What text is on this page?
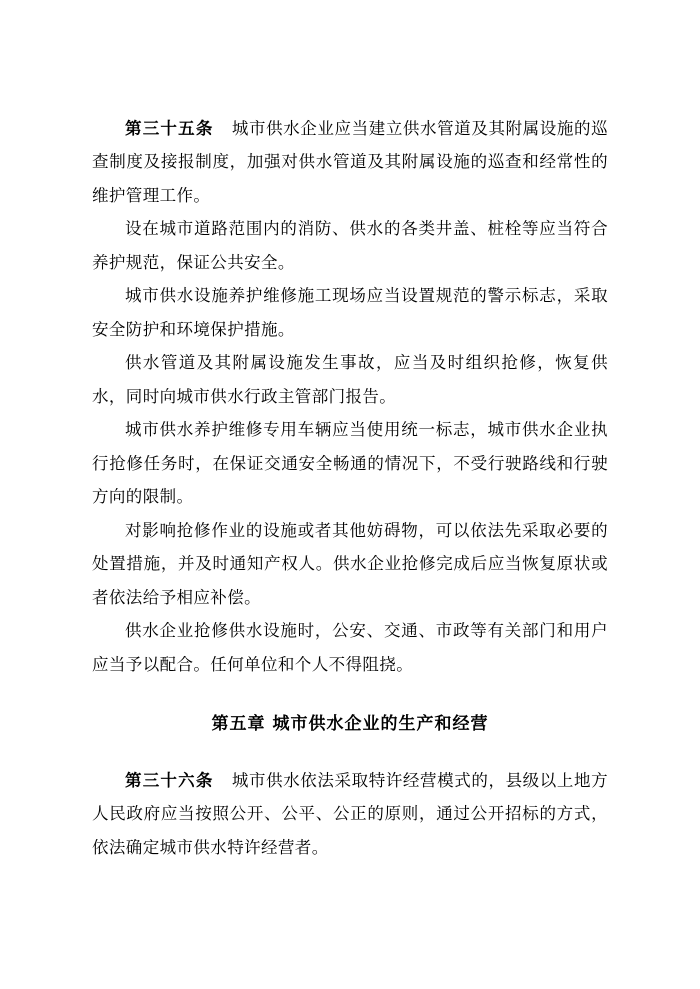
第三十五条 城市供水企业应当建立供水管道及其附属设施的巡查制度及接报制度，加强对供水管道及其附属设施的巡查和经常性的维护管理工作。

设在城市道路范围内的消防、供水的各类井盖、桩栓等应当符合养护规范，保证公共安全。

城市供水设施养护维修施工现场应当设置规范的警示标志，采取安全防护和环境保护措施。

供水管道及其附属设施发生事故，应当及时组织抢修，恢复供水，同时向城市供水行政主管部门报告。

城市供水养护维修专用车辆应当使用统一标志，城市供水企业执行抢修任务时，在保证交通安全畅通的情况下，不受行驶路线和行驶方向的限制。

对影响抢修作业的设施或者其他妨碍物，可以依法先采取必要的处置措施，并及时通知产权人。供水企业抢修完成后应当恢复原状或者依法给予相应补偿。

供水企业抢修供水设施时，公安、交通、市政等有关部门和用户应当予以配合。任何单位和个人不得阻挠。

第五章 城市供水企业的生产和经营

第三十六条 城市供水依法采取特许经营模式的，县级以上地方人民政府应当按照公开、公平、公正的原则，通过公开招标的方式，依法确定城市供水特许经营者。
